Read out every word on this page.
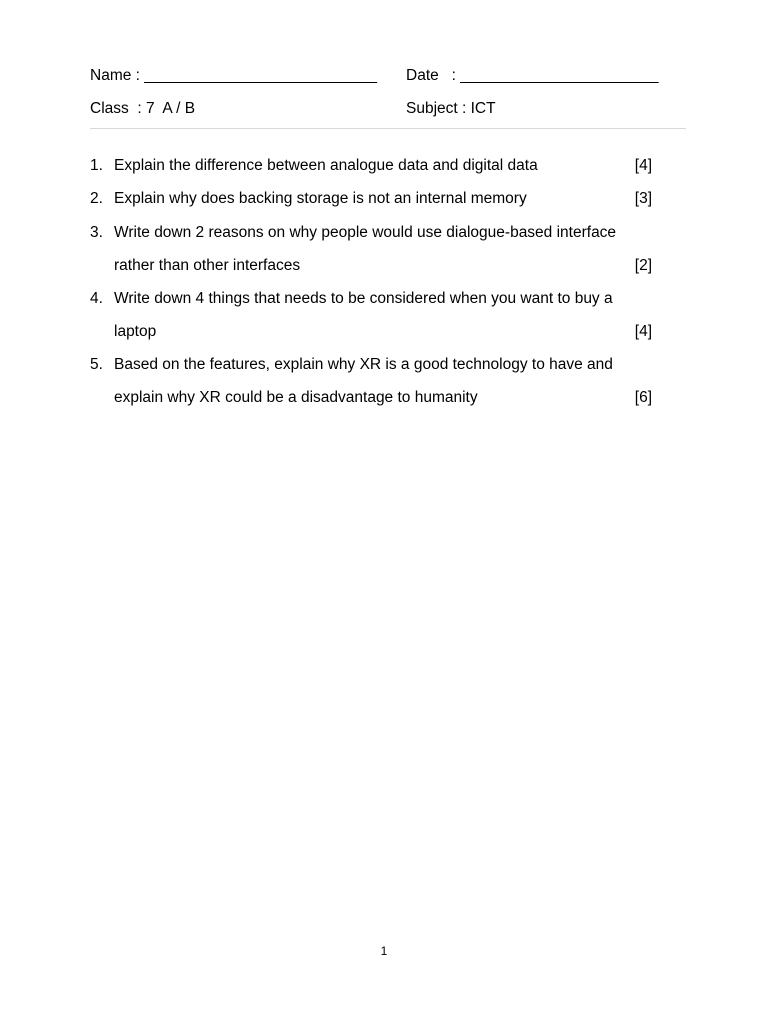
Name : ___________________________ Date   : _______________________
Class  : 7  A / B	Subject : ICT
1. Explain the difference between analogue data and digital data	[4]
2. Explain why does backing storage is not an internal memory	[3]
3. Write down 2 reasons on why people would use dialogue-based interface
rather than other interfaces	[2]
4. Write down 4 things that needs to be considered when you want to buy a
laptop	[4]
5. Based on the features, explain why XR is a good technology to have and
explain why XR could be a disadvantage to humanity	[6]
1
